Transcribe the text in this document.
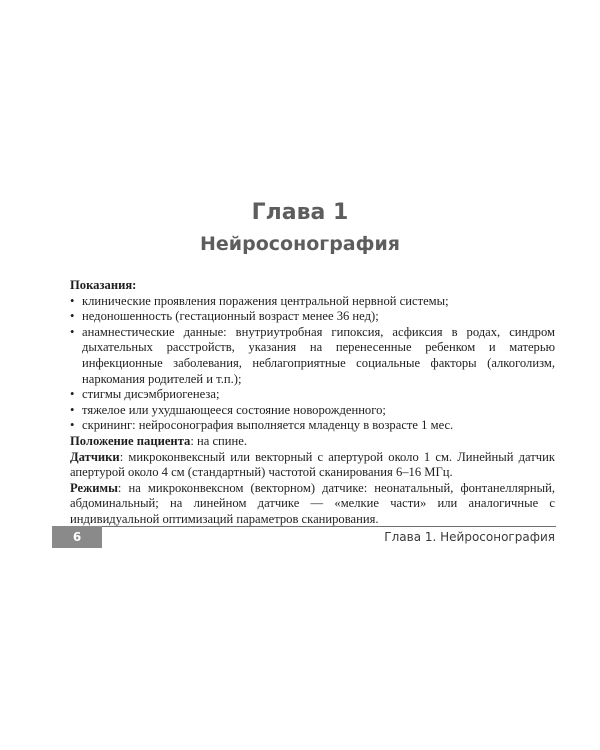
Глава 1
Нейросонография
Показания:
• клинические проявления поражения центральной нервной системы;
• недоношенность (гестационный возраст менее 36 нед);
• анамнестические данные: внутриутробная гипоксия, асфиксия в родах, синдром дыхательных расстройств, указания на перенесенные ребенком и матерью инфекционные заболевания, неблагоприятные социальные факторы (алкоголизм, наркомания родителей и т.п.);
• стигмы дисэмбриогенеза;
• тяжелое или ухудшающееся состояние новорожденного;
• скрининг: нейросонография выполняется младенцу в возрасте 1 мес.
Положение пациента: на спине.
Датчики: микроконвексный или векторный с апертурой около 1 см. Линейный датчик апертурой около 4 см (стандартный) частотой сканирования 6–16 МГц.
Режимы: на микроконвексном (векторном) датчике: неонатальный, фонтанеллярный, абдоминальный; на линейном датчике — «мелкие части» или аналогичные с индивидуальной оптимизаций параметров сканирования.
6	Глава 1. Нейросонография
